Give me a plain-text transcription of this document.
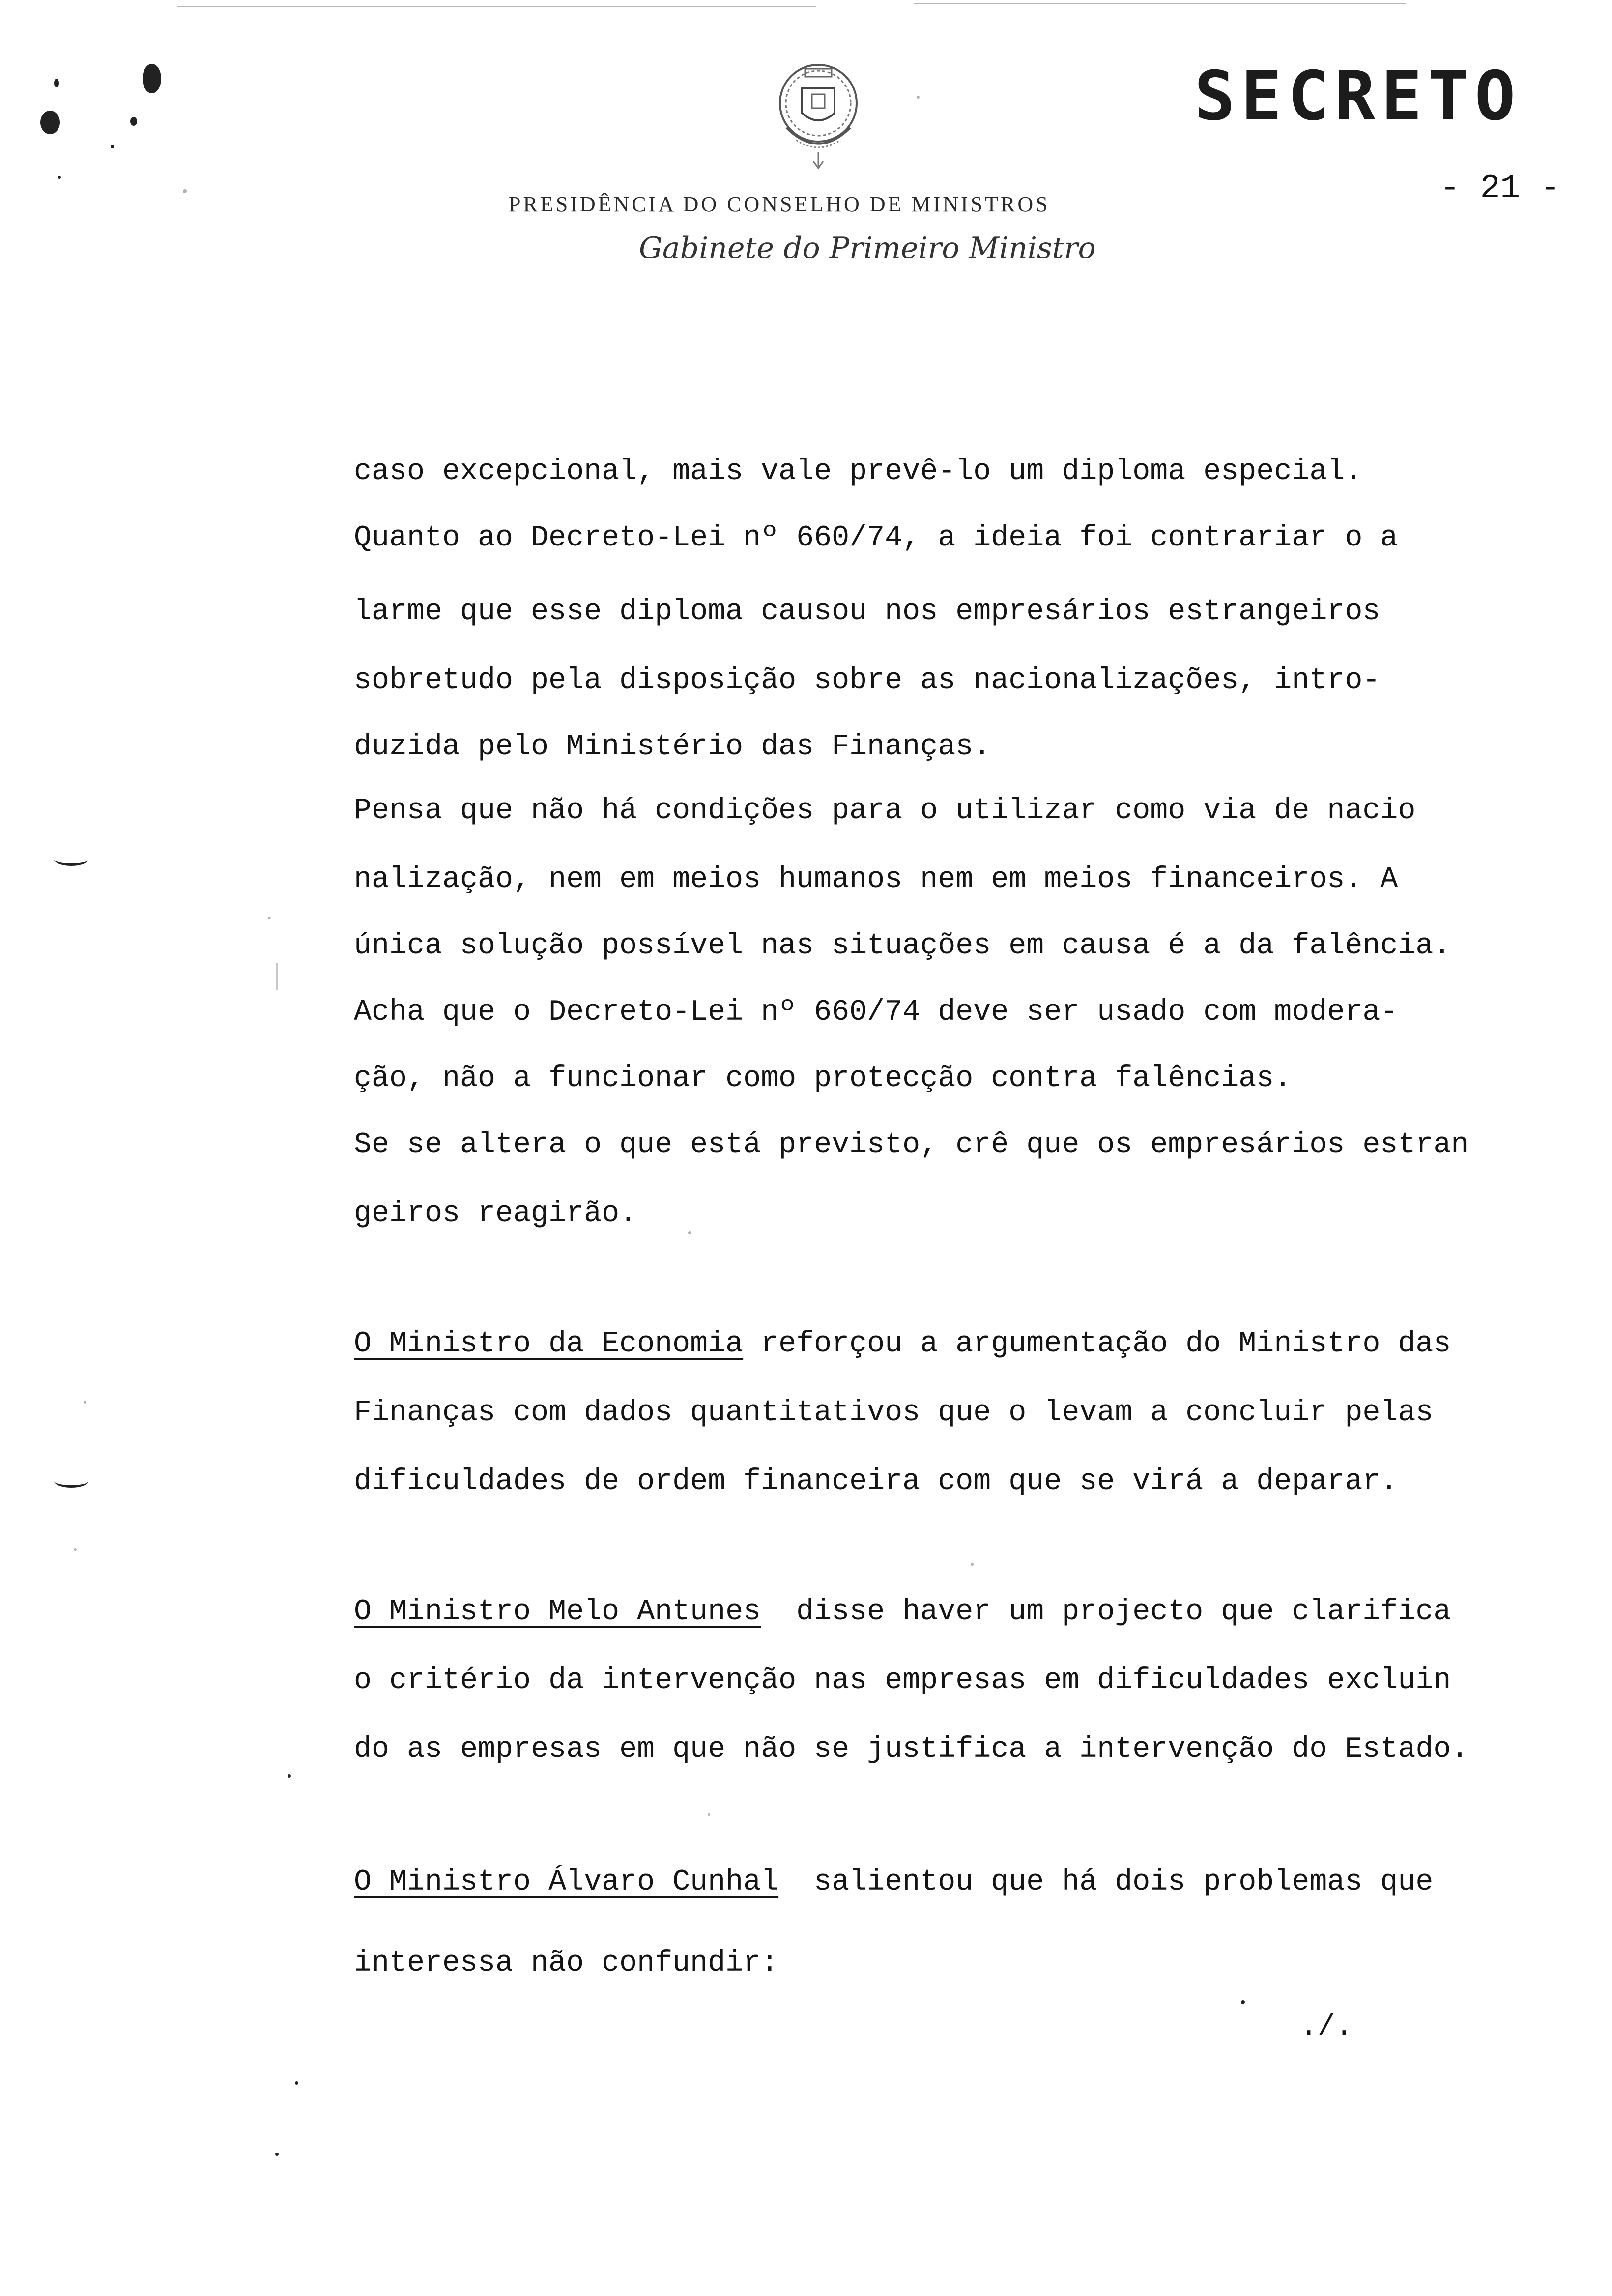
SECRETO
- 21 -
PRESIDÊNCIA DO CONSELHO DE MINISTROS
Gabinete do Primeiro Ministro
caso excepcional, mais vale prevê-lo um diploma especial.
Quanto ao Decreto-Lei nº 660/74, a ideia foi contrariar o a
larme que esse diploma causou nos empresários estrangeiros
sobretudo pela disposição sobre as nacionalizações, intro-
duzida pelo Ministério das Finanças.
Pensa que não há condições para o utilizar como via de nacio
nalização, nem em meios humanos nem em meios financeiros. A
única solução possível nas situações em causa é a da falência.
Acha que o Decreto-Lei nº 660/74 deve ser usado com modera-
ção, não a funcionar como protecção contra falências.
Se se altera o que está previsto, crê que os empresários estran
geiros reagirão.
O Ministro da Economia reforçou a argumentação do Ministro das
Finanças com dados quantitativos que o levam a concluir pelas
dificuldades de ordem financeira com que se virá a deparar.
O Ministro Melo Antunes  disse haver um projecto que clarifica
o critério da intervenção nas empresas em dificuldades excluin
do as empresas em que não se justifica a intervenção do Estado.
O Ministro Álvaro Cunhal  salientou que há dois problemas que
interessa não confundir:
./.
